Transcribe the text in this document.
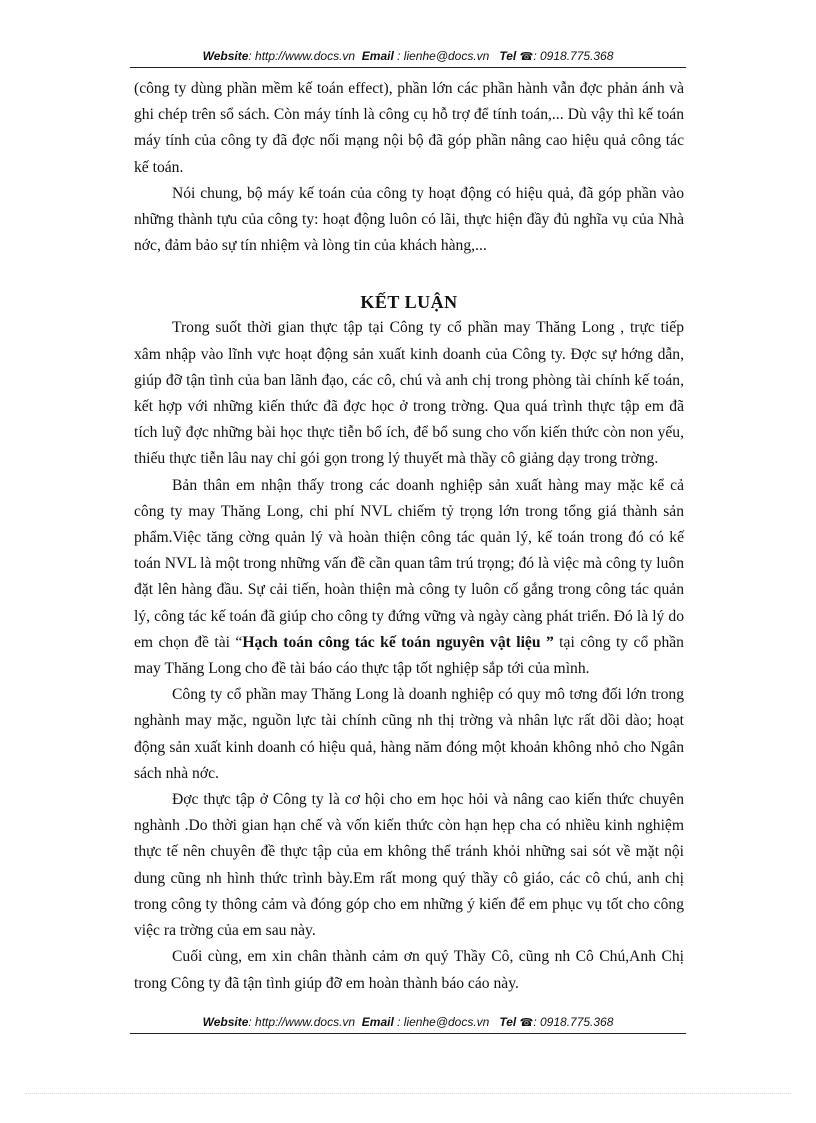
Website: http://www.docs.vn Email : lienhe@docs.vn Tel ☎: 0918.775.368

(công ty dùng phần mềm kế toán effect), phần lớn các phần hành vẫn đợc phản ánh và ghi chép trên sổ sách. Còn máy tính là công cụ hỗ trợ để tính toán,... Dù vậy thì kế toán máy tính của công ty đã đợc nối mạng nội bộ đã góp phần nâng cao hiệu quả công tác kế toán.

Nói chung, bộ máy kế toán của công ty hoạt động có hiệu quả, đã góp phần vào những thành tựu của công ty: hoạt động luôn có lãi, thực hiện đầy đủ nghĩa vụ của Nhà nớc, đảm bảo sự tín nhiệm và lòng tin của khách hàng,...

KẾT LUẬN

Trong suốt thời gian thực tập tại Công ty cổ phần may Thăng Long , trực tiếp xâm nhập vào lĩnh vực hoạt động sản xuất kinh doanh của Công ty. Đợc sự hớng dẫn, giúp đỡ tận tình của ban lãnh đạo, các cô, chú và anh chị trong phòng tài chính kế toán, kết hợp với những kiến thức đã đợc học ở trong trờng. Qua quá trình thực tập em đã tích luỹ đợc những bài học thực tiễn bổ ích, để bổ sung cho vốn kiến thức còn non yếu, thiếu thực tiễn lâu nay chỉ gói gọn trong lý thuyết mà thầy cô giảng dạy trong trờng.

Bản thân em nhận thấy trong các doanh nghiệp sản xuất hàng may mặc kể cả công ty may Thăng Long, chi phí NVL chiếm tỷ trọng lớn trong tổng giá thành sản phẩm.Việc tăng cờng quản lý và hoàn thiện công tác quản lý, kế toán trong đó có kế toán NVL là một trong những vấn đề cần quan tâm trú trọng; đó là việc mà công ty luôn đặt lên hàng đầu. Sự cải tiến, hoàn thiện mà công ty luôn cố gắng trong công tác quản lý, công tác kế toán đã giúp cho công ty đứng vững và ngày càng phát triển. Đó là lý do em chọn đề tài “Hạch toán công tác kế toán nguyên vật liệu ” tại công ty cổ phần may Thăng Long cho đề tài báo cáo thực tập tốt nghiệp sắp tới của mình.

Công ty cổ phần may Thăng Long là doanh nghiệp có quy mô tơng đối lớn trong nghành may mặc, nguồn lực tài chính cũng nh thị trờng và nhân lực rất dồi dào; hoạt động sản xuất kinh doanh có hiệu quả, hàng năm đóng một khoản không nhỏ cho Ngân sách nhà nớc.

Đợc thực tập ở Công ty là cơ hội cho em học hỏi và nâng cao kiến thức chuyên nghành .Do thời gian hạn chế và vốn kiến thức còn hạn hẹp cha có nhiều kinh nghiệm thực tế nên chuyên đề thực tập của em không thể tránh khỏi những sai sót về mặt nội dung cũng nh hình thức trình bày.Em rất mong quý thầy cô giáo, các cô chú, anh chị trong công ty thông cảm và đóng góp cho em những ý kiến để em phục vụ tốt cho công việc ra trờng của em sau này.

Cuối cùng, em xin chân thành cảm ơn quý Thầy Cô, cũng nh Cô Chú,Anh Chị trong Công ty đã tận tình giúp đỡ em hoàn thành báo cáo này.

Website: http://www.docs.vn Email : lienhe@docs.vn Tel ☎: 0918.775.368
